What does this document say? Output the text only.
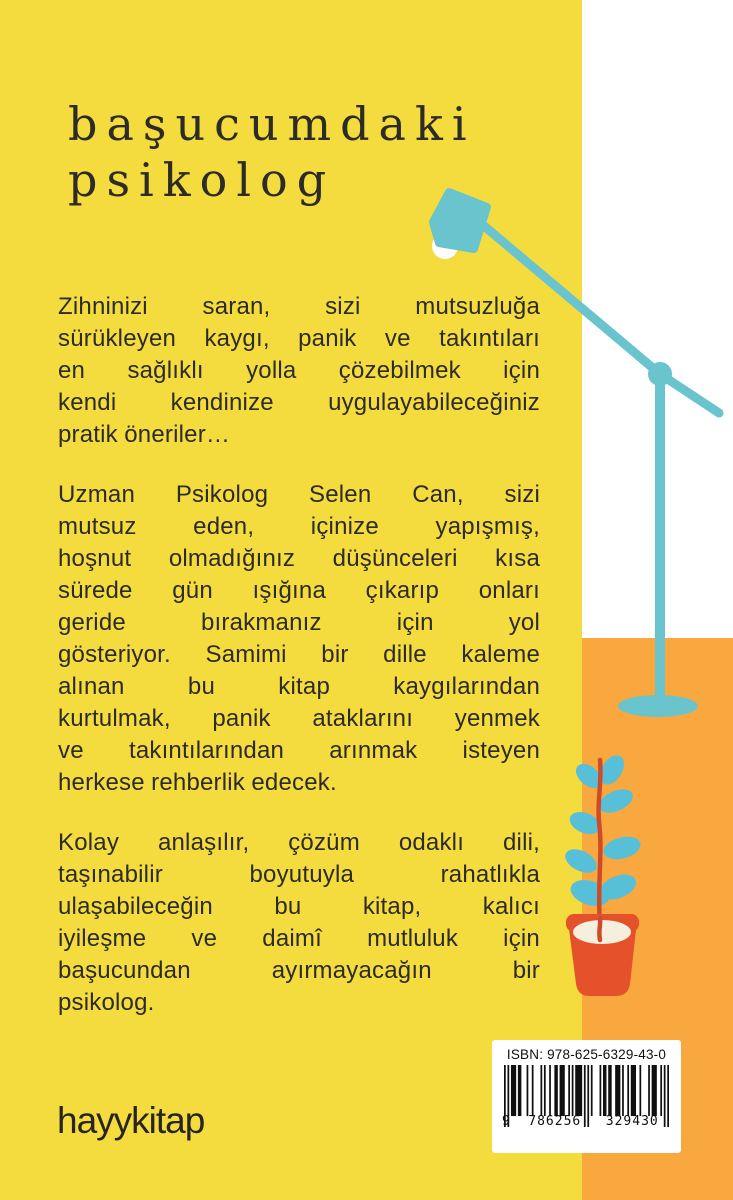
başucumdaki
psikolog
Zihninizi saran, sizi mutsuzluğa
sürükleyen kaygı, panik ve takıntıları
en sağlıklı yolla çözebilmek için
kendi kendinize uygulayabileceğiniz
pratik öneriler…
Uzman Psikolog Selen Can, sizi
mutsuz eden, içinize yapışmış,
hoşnut olmadığınız düşünceleri kısa
sürede gün ışığına çıkarıp onları
geride bırakmanız için yol
gösteriyor. Samimi bir dille kaleme
alınan bu kitap kaygılarından
kurtulmak, panik ataklarını yenmek
ve takıntılarından arınmak isteyen
herkese rehberlik edecek.
Kolay anlaşılır, çözüm odaklı dili,
taşınabilir boyutuyla rahatlıkla
ulaşabileceğin bu kitap, kalıcı
iyileşme ve daimî mutluluk için
başucundan ayırmayacağın bir
psikolog.
hayykitap
ISBN: 978-625-6329-43-0
9	786256	329430
